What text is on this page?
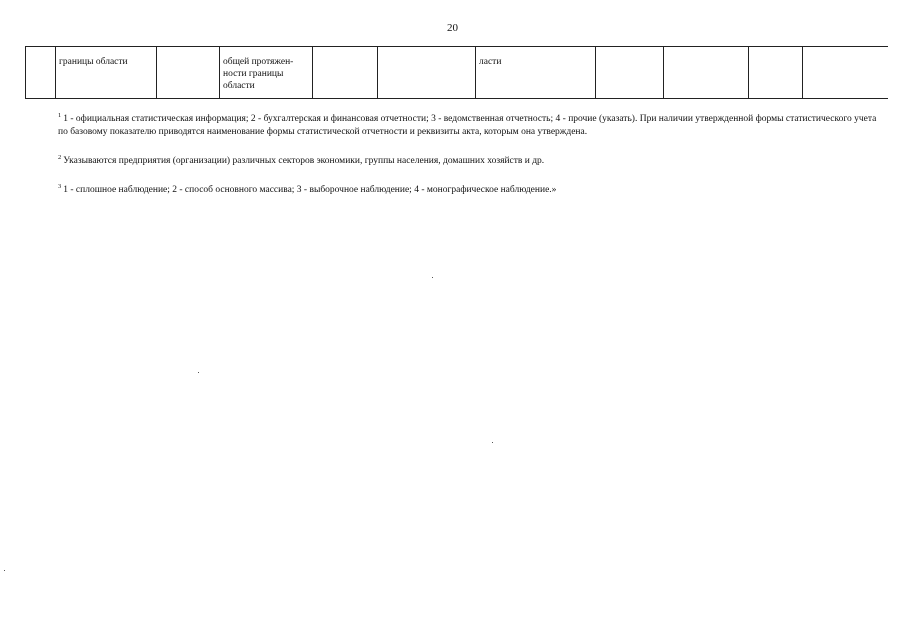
20
	границы области		общей протяжен-ности границы области			ласти				

$^1$ 1 - официальная статистическая информация; 2 - бухгалтерская и финансовая отчетности; 3 - ведомственная отчетность; 4 - прочие (указать). При наличии утвержденной формы статистического учета по базовому показателю приводятся наименование формы статистической отчетности и реквизиты акта, которым она утверждена.

$^2$ Указываются предприятия (организации) различных секторов экономики, группы населения, домашних хозяйств и др.

$^3$ 1 - сплошное наблюдение; 2 - способ основного массива; 3 - выборочное наблюдение; 4 - монографическое наблюдение.»
